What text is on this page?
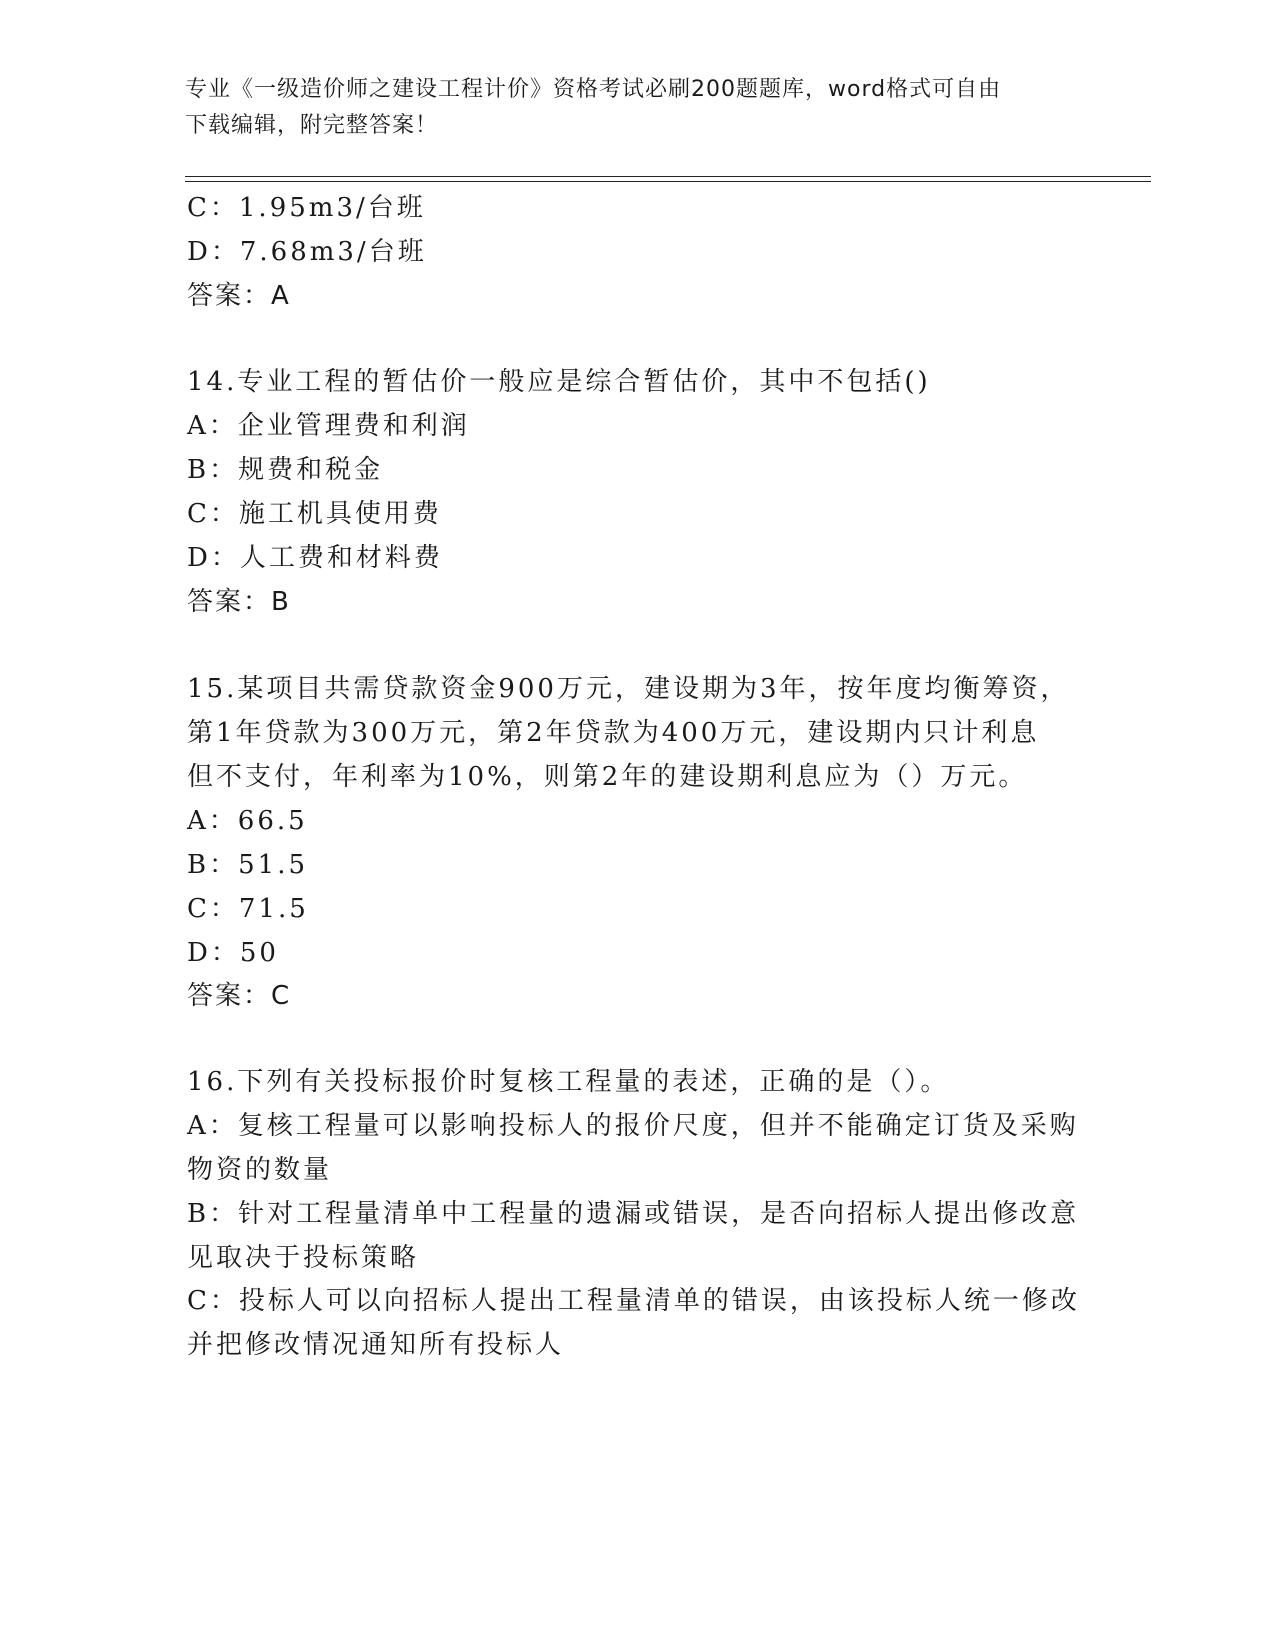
专业《一级造价师之建设工程计价》资格考试必刷200题题库，word格式可自由
下载编辑，附完整答案！
C：1.95m3/台班
D：7.68m3/台班
答案：A
14.专业工程的暂估价一般应是综合暂估价，其中不包括()
A：企业管理费和利润
B：规费和税金
C：施工机具使用费
D：人工费和材料费
答案：B
15.某项目共需贷款资金900万元，建设期为3年，按年度均衡筹资，
第1年贷款为300万元，第2年贷款为400万元，建设期内只计利息
但不支付，年利率为10%，则第2年的建设期利息应为（）万元。
A：66.5
B：51.5
C：71.5
D：50
答案：C
16.下列有关投标报价时复核工程量的表述，正确的是（）。
A：复核工程量可以影响投标人的报价尺度，但并不能确定订货及采购
物资的数量
B：针对工程量清单中工程量的遗漏或错误，是否向招标人提出修改意
见取决于投标策略
C：投标人可以向招标人提出工程量清单的错误，由该投标人统一修改
并把修改情况通知所有投标人
